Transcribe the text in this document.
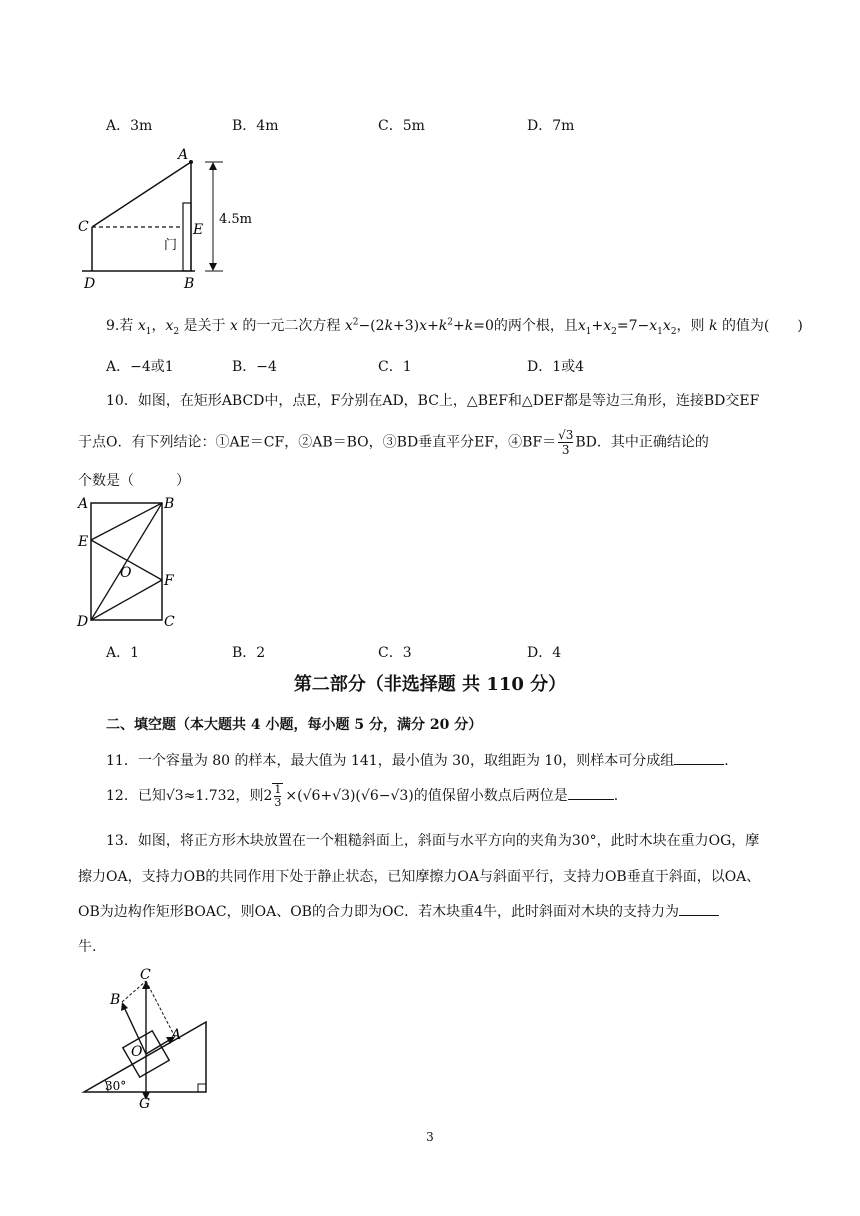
A．3m	B．4m	C．5m	D．7m
A
C	E
D	B
4.5m
门
9.若 $x_1$，$x_2$ 是关于 x 的一元二次方程 $x^2-(2k+3)x+k^2+k=0$的两个根，且$x_1+x_2=7-x_1x_2$，则 k 的值为(　　)
A．−4或1	B．−4	C．1	D．1或4
10．如图，在矩形ABCD中，点E，F分别在AD，BC上，△BEF和△DEF都是等边三角形，连接BD交EF
于点O．有下列结论：①AE＝CF，②AB＝BO，③BD垂直平分EF，④BF＝ $\frac{√3}{3}$ BD．其中正确结论的
个数是（　　　）
A	B
E
O F
D	C
A．1	B．2	C．3	D．4
第二部分（非选择题 共 110 分）
二、填空题（本大题共 4 小题，每小题 5 分，满分 20 分）
11．一个容量为 80 的样本，最大值为 141，最小值为 30，取组距为 10，则样本可分成组	.
12．已知√3≈1.732，则$2 \frac{1}{3} \times(√6+√3)(√6-√3)$的值保留小数点后两位是	.
13．如图，将正方形木块放置在一个粗糙斜面上，斜面与水平方向的夹角为30°，此时木块在重力OG，摩
擦力OA，支持力OB的共同作用下处于静止状态，已知摩擦力OA与斜面平行，支持力OB垂直于斜面，以OA、
OB为边构作矩形BOAC，则OA、OB的合力即为OC．若木块重4牛，此时斜面对木块的支持力为
牛.
C
B
A
O
G
30°
3
